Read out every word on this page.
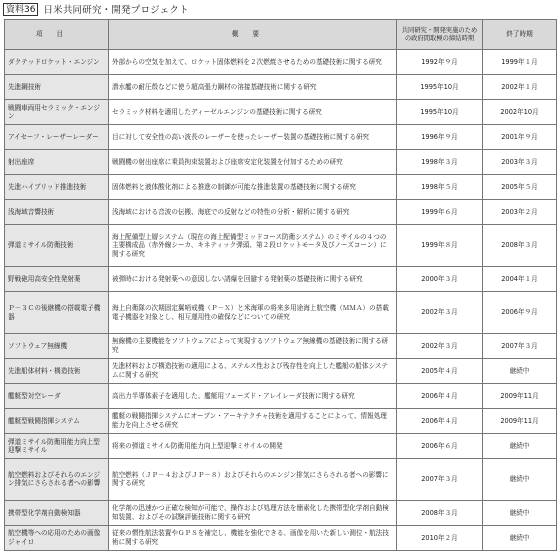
資料36 日米共同研究・開発プロジェクト
項目	概要	共同研究・開発実施のための政府間取極の締結時期	終了時期
ダクテッドロケット・エンジン	外部からの空気を加えて、ロケット固体燃料を２次燃焼させるための基礎技術に関する研究	1992年９月	1999年１月
先進鋼技術	潜水艦の耐圧殻などに使う超高張力鋼材の溶接基礎技術に関する研究	1995年10月	2002年１月
戦闘車両用セラミック・エンジン	セラミック材料を適用したディーゼルエンジンの基礎技術に関する研究	1995年10月	2002年10月
アイセーフ・レーザーレーダー	目に対して安全性の高い波長のレーザーを使ったレーザー装置の基礎技術に関する研究	1996年９月	2001年９月
射出座席	戦闘機の射出座席に乗員拘束装置および座席安定化装置を付加するための研究	1998年３月	2003年３月
先進ハイブリッド推進技術	固体燃料と液体酸化剤による推進の制御が可能な推進装置の基礎技術に関する研究	1998年５月	2005年５月
浅海域音響技術	浅海域における音波の伝搬、海底での反射などの特性の分析・解析に関する研究	1999年６月	2003年２月
弾道ミサイル防衛技術	海上配備型上層システム（現在の海上配備型ミッドコース防衛システム）のミサイルの４つの主要構成品（赤外線シーカ、キネティック弾頭、第２段ロケットモータ及びノーズコーン）に関する研究	1999年８月	2008年３月
野戦砲用高安全性発射薬	被弾時における発射薬への意図しない誘爆を回避する発射薬の基礎技術に関する研究	2000年３月	2004年１月
Ｐ－３Ｃの後継機の搭載電子機器	海上自衛隊の次期固定翼哨戒機（Ｐ－Ｘ）と米海軍の将来多用途海上航空機（ＭＭＡ）の搭載電子機器を対象とし、相互運用性の確保などについての研究	2002年３月	2006年９月
ソフトウェア無線機	無線機の主要機能をソフトウェアによって実現するソフトウェア無線機の基礎技術に関する研究	2002年３月	2007年３月
先進船体材料・構造技術	先進材料および構造技術の適用による、ステルス性および残存性を向上した艦艇の船体システムに関する研究	2005年４月	継続中
艦艇型対空レーダ	高出力半導体素子を適用した、艦艇用フェーズド・アレイレーダ技術に関する研究	2006年４月	2009年11月
艦艇型戦闘指揮システム	艦艇の戦闘指揮システムにオープン・アーキテクチャ技術を適用することによって、情報処理能力を向上させる研究	2006年４月	2009年11月
弾道ミサイル防衛用能力向上型迎撃ミサイル	将来の弾道ミサイル防衛用能力向上型迎撃ミサイルの開発	2006年６月	継続中
航空燃料およびそれらのエンジン排気にさらされる者への影響	航空燃料（ＪＰ－４およびＪＰ－８）およびそれらのエンジン排気にさらされる者への影響に関する研究	2007年３月	継続中
携帯型化学剤自動検知器	化学剤の迅速かつ正確な検知が可能で、操作および処理方法を簡素化した携帯型化学剤自動検知装置、およびその試験評価技術に関する研究	2008年３月	継続中
航空機等への応用のための画像ジャイロ	従来の慣性航法装置やＧＰＳを補完し、機能を強化できる、画像を用いた新しい測位・航法技術に関する研究	2010年２月	継続中
